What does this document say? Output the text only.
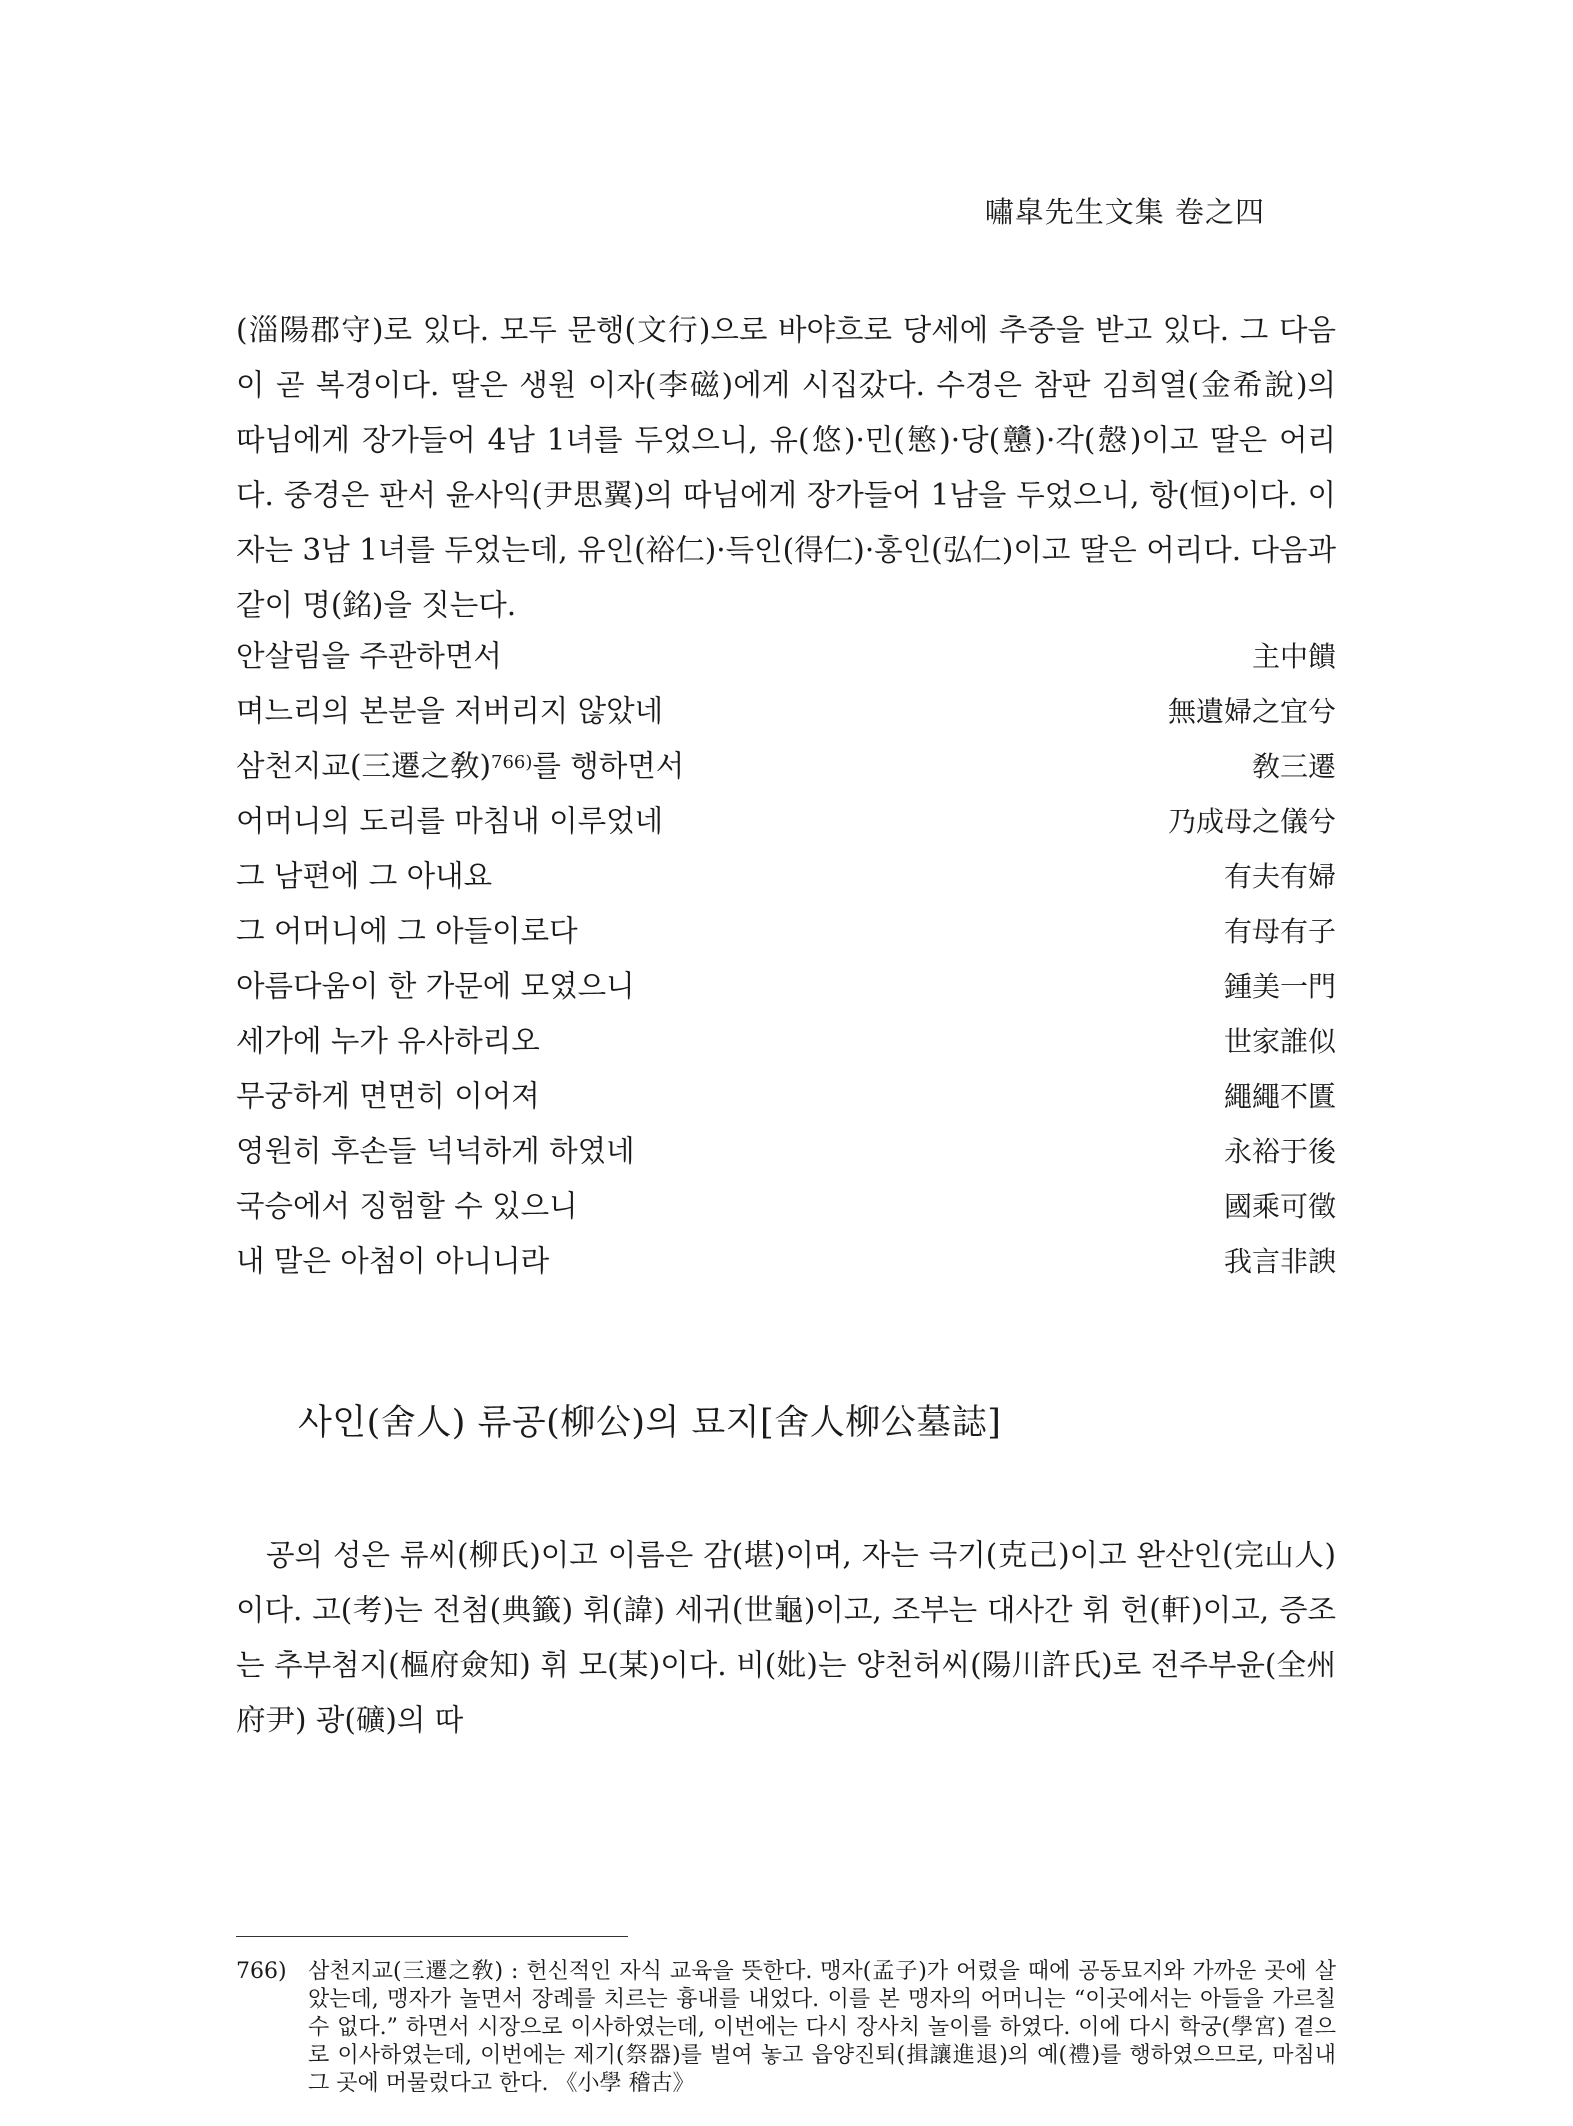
嘯皐先生文集 卷之四

(淄陽郡守)로 있다. 모두 문행(文行)으로 바야흐로 당세에 추중을 받고 있다. 그 다음이 곧 복경이다. 딸은 생원 이자(李磁)에게 시집갔다. 수경은 참판 김희열(金希說)의 따님에게 장가들어 4남 1녀를 두었으니, 유(悠)·민(慜)·당(戇)·각(慤)이고 딸은 어리다. 중경은 판서 윤사익(尹思翼)의 따님에게 장가들어 1남을 두었으니, 항(恒)이다. 이자는 3남 1녀를 두었는데, 유인(裕仁)·득인(得仁)·홍인(弘仁)이고 딸은 어리다. 다음과 같이 명(銘)을 짓는다.

안살림을 주관하면서	主中饋
며느리의 본분을 저버리지 않았네	無遺婦之宜兮
삼천지교(三遷之敎)$^{766)}$를 행하면서	敎三遷
어머니의 도리를 마침내 이루었네	乃成母之儀兮
그 남편에 그 아내요	有夫有婦
그 어머니에 그 아들이로다	有母有子
아름다움이 한 가문에 모였으니	鍾美一門
세가에 누가 유사하리오	世家誰似
무궁하게 면면히 이어져	繩繩不匱
영원히 후손들 넉넉하게 하였네	永裕于後
국승에서 징험할 수 있으니	國乘可徵
내 말은 아첨이 아니니라	我言非諛
사인(舍人) 류공(柳公)의 묘지[舍人柳公墓誌]

공의 성은 류씨(柳氏)이고 이름은 감(堪)이며, 자는 극기(克己)이고 완산인(完山人)이다. 고(考)는 전첨(典籤) 휘(諱) 세귀(世龜)이고, 조부는 대사간 휘 헌(軒)이고, 증조는 추부첨지(樞府僉知) 휘 모(某)이다. 비(妣)는 양천허씨(陽川許氏)로 전주부윤(全州府尹) 광(礦)의 따

766) 삼천지교(三遷之敎) : 헌신적인 자식 교육을 뜻한다. 맹자(孟子)가 어렸을 때에 공동묘지와 가까운 곳에 살았는데, 맹자가 놀면서 장례를 치르는 흉내를 내었다. 이를 본 맹자의 어머니는 “이곳에서는 아들을 가르칠 수 없다.” 하면서 시장으로 이사하였는데, 이번에는 다시 장사치 놀이를 하였다. 이에 다시 학궁(學宮) 곁으로 이사하였는데, 이번에는 제기(祭器)를 벌여 놓고 읍양진퇴(揖讓進退)의 예(禮)를 행하였으므로, 마침내 그 곳에 머물렀다고 한다. 《小學 稽古》
